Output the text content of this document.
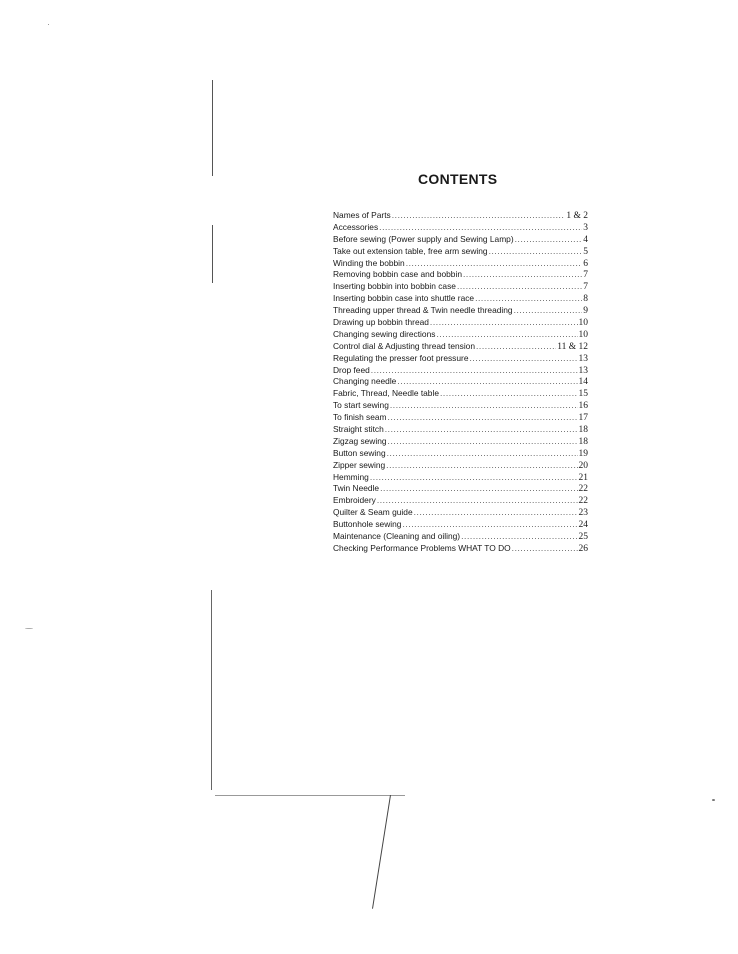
CONTENTS
Names of Parts .....	1 & 2
Accessories .....	3
Before sewing (Power supply and Sewing Lamp) .....	4
Take out extension table, free arm sewing .....	5
Winding the bobbin .....	6
Removing bobbin case and bobbin .....	7
Inserting bobbin into bobbin case .....	7
Inserting bobbin case into shuttle race .....	8
Threading upper thread & Twin needle threading .....	9
Drawing up bobbin thread .....	10
Changing sewing directions .....	10
Control dial & Adjusting thread tension .....	11 & 12
Regulating the presser foot pressure .....	13
Drop feed .....	13
Changing needle .....	14
Fabric, Thread, Needle table .....	15
To start sewing .....	16
To finish seam .....	17
Straight stitch .....	18
Zigzag sewing .....	18
Button sewing .....	19
Zipper sewing .....	20
Hemming .....	21
Twin Needle .....	22
Embroidery .....	22
Quilter & Seam guide .....	23
Buttonhole sewing .....	24
Maintenance (Cleaning and oiling) .....	25
Checking Performance Problems WHAT TO DO .....	26
